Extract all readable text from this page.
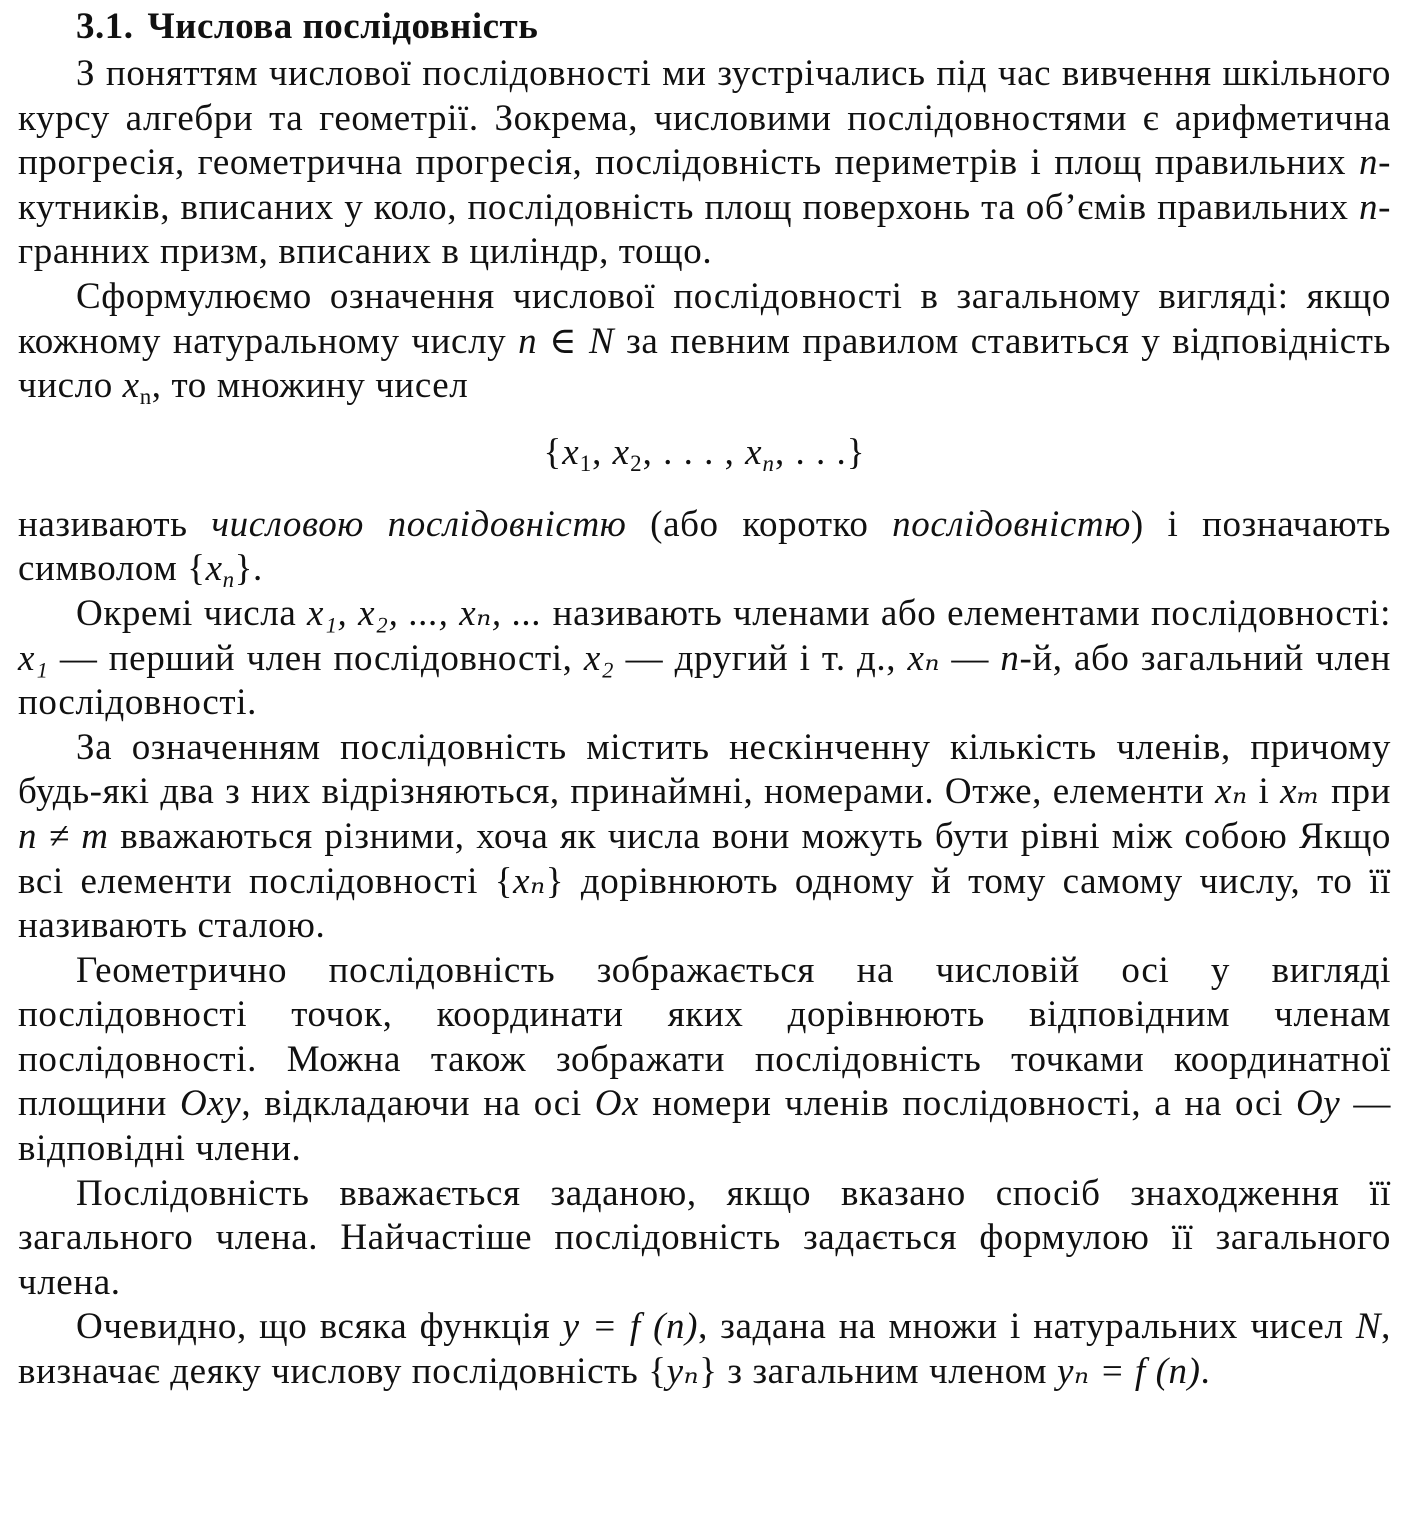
3.1. Числова послідовність

З поняттям числової послідовності ми зустрічались під час вивчення шкільного курсу алгебри та геометрії. Зокрема, числовими послідовностями є арифметична прогресія, геометрична прогресія, послідовність периметрів і площ правильних n-кутників, вписаних у коло, послідовність площ поверхонь та об’ємів правильних n-гранних призм, вписаних в циліндр, тощо.

Сформулюємо означення числової послідовності в загальному вигляді: якщо кожному натуральному числу n ∈ N за певним правилом ставиться у відповідність число $x_n$, то множину чисел

{$x_1$, $x_2$, . . . , $x_n$, . . .}

називають числовою послідовністю (або коротко послідовністю) і позначають символом $\{x_n\}$.

Окремі числа x₁, x₂, ..., xₙ, ... називають членами або елементами послідовності: x₁ — перший член послідовності, x₂ — другий і т. д., xₙ — n-й, або загальний член послідовності.

За означенням послідовність містить нескінченну кількість членів, причому будь-які два з них відрізняються, принаймні, номерами. Отже, елементи xₙ і xₘ при n ≠ m вважаються різними, хоча як числа вони можуть бути рівні між собою Якщо всі елементи послідовності {xₙ} дорівнюють одному й тому самому числу, то її називають сталою.

Геометрично послідовність зображається на числовій осі у вигляді послідовності точок, координати яких дорівнюють відповідним членам послідовності. Можна також зображати послідовність точками координатної площини Oxy, відкладаючи на осі Ox номери членів послідовності, а на осі Oy — відповідні члени.

Послідовність вважається заданою, якщо вказано спосіб знаходження її загального члена. Найчастіше послідовність задається формулою її загального члена.

Очевидно, що всяка функція y = f (n), задана на множи і натуральних чисел N, визначає деяку числову послідовність {yₙ} з загальним членом yₙ = f (n).
